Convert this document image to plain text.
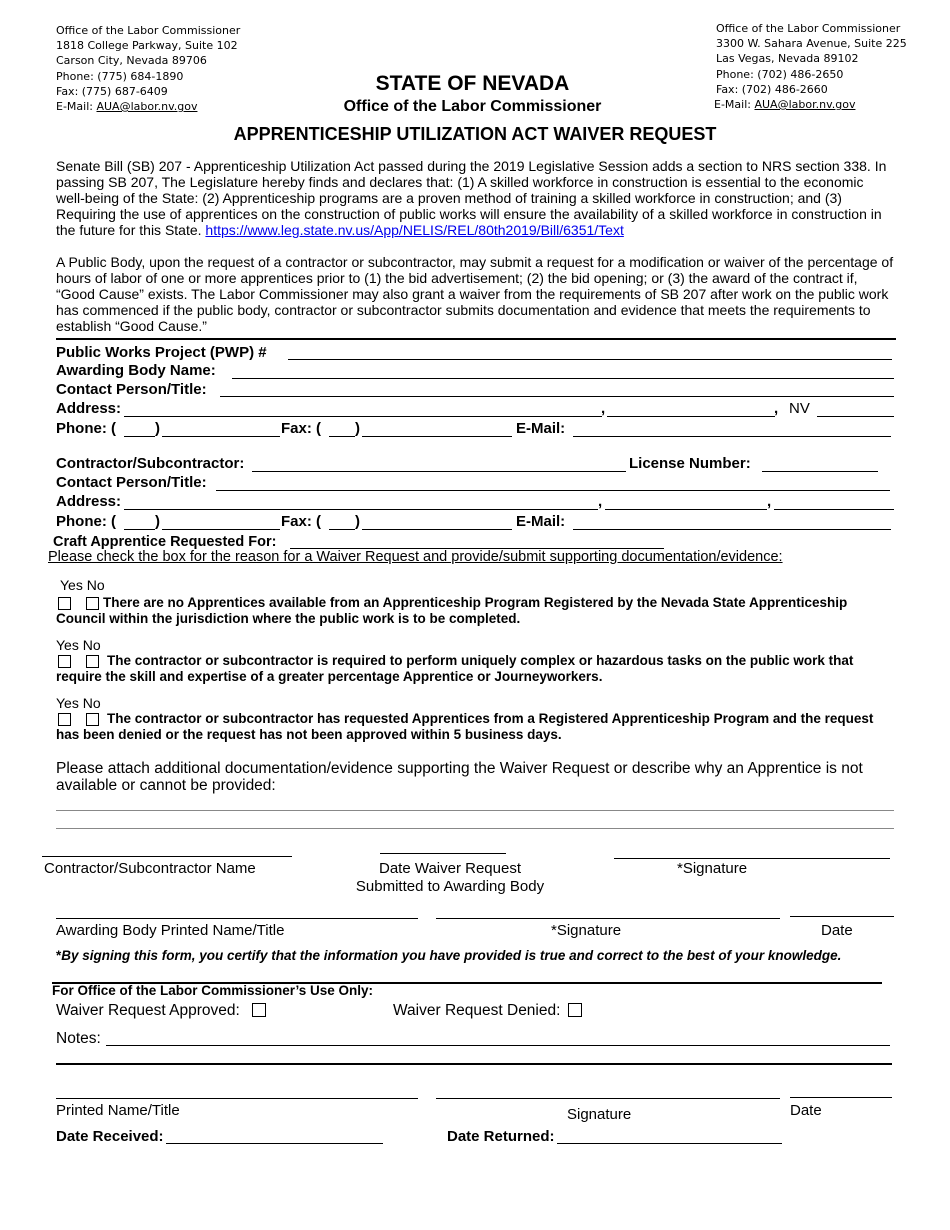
Office of the Labor Commissioner
1818 College Parkway, Suite 102
Carson City, Nevada 89706
Phone: (775) 684-1890
Fax: (775) 687-6409
E-Mail: AUA@labor.nv.gov
Office of the Labor Commissioner
3300 W. Sahara Avenue, Suite 225
Las Vegas, Nevada 89102
Phone: (702) 486-2650
Fax: (702) 486-2660
E-Mail: AUA@labor.nv.gov
STATE OF NEVADA
Office of the Labor Commissioner
APPRENTICESHIP UTILIZATION ACT WAIVER REQUEST
Senate Bill (SB) 207 - Apprenticeship Utilization Act passed during the 2019 Legislative Session adds a section to NRS section 338. In passing SB 207, The Legislature hereby finds and declares that: (1) A skilled workforce in construction is essential to the economic well-being of the State: (2) Apprenticeship programs are a proven method of training a skilled workforce in construction; and (3) Requiring the use of apprentices on the construction of public works will ensure the availability of a skilled workforce in construction in the future for this State. https://www.leg.state.nv.us/App/NELIS/REL/80th2019/Bill/6351/Text
A Public Body, upon the request of a contractor or subcontractor, may submit a request for a modification or waiver of the percentage of hours of labor of one or more apprentices prior to (1) the bid advertisement; (2) the bid opening; or (3) the award of the contract if, “Good Cause” exists. The Labor Commissioner may also grant a waiver from the requirements of SB 207 after work on the public work has commenced if the public body, contractor or subcontractor submits documentation and evidence that meets the requirements to establish “Good Cause.”
Public Works Project (PWP) #
Awarding Body Name:
Contact Person/Title:
Address:	,	, NV
Phone: (	)	Fax: ( )	E-Mail:
Contractor/Subcontractor:	License Number:
Contact Person/Title:
Address:	,	,
Phone: (	)	Fax: ( )	E-Mail:
Craft Apprentice Requested For:
Please check the box for the reason for a Waiver Request and provide/submit supporting documentation/evidence:
Yes No
There are no Apprentices available from an Apprenticeship Program Registered by the Nevada State Apprenticeship Council within the jurisdiction where the public work is to be completed.
Yes No
The contractor or subcontractor is required to perform uniquely complex or hazardous tasks on the public work that require the skill and expertise of a greater percentage Apprentice or Journeyworkers.
Yes No
The contractor or subcontractor has requested Apprentices from a Registered Apprenticeship Program and the request has been denied or the request has not been approved within 5 business days.
Please attach additional documentation/evidence supporting the Waiver Request or describe why an Apprentice is not available or cannot be provided:
Contractor/Subcontractor Name	Date Waiver Request
Submitted to Awarding Body
*Signature
Awarding Body Printed Name/Title	*Signature	Date
*By signing this form, you certify that the information you have provided is true and correct to the best of your knowledge.
For Office of the Labor Commissioner’s Use Only:
Waiver Request Approved:	Waiver Request Denied:
Notes:
Printed Name/Title	Signature	Date
Date Received:	Date Returned:
